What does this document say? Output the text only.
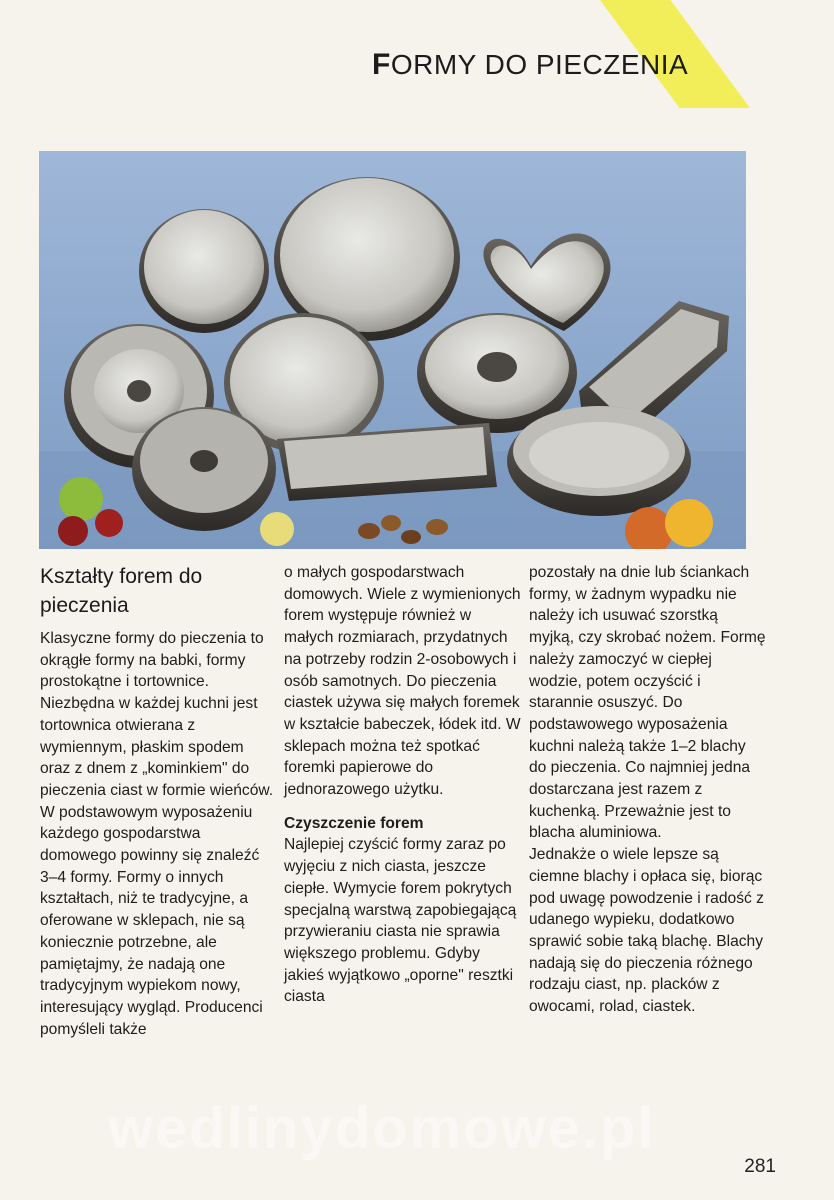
FORMY DO PIECZENIA
Kształty forem do pieczenia

Klasyczne formy do pieczenia to okrągłe formy na babki, formy prostokątne i tortownice. Niezbędna w każdej kuchni jest tortownica otwierana z wymiennym, płaskim spodem oraz z dnem z „kominkiem" do pieczenia ciast w formie wieńców.

W podstawowym wyposażeniu każdego gospodarstwa domowego powinny się znaleźć 3–4 formy. Formy o innych kształtach, niż te tradycyjne, a oferowane w sklepach, nie są koniecznie potrzebne, ale pamiętajmy, że nadają one tradycyjnym wypiekom nowy, interesujący wygląd. Producenci pomyśleli także

o małych gospodarstwach domowych. Wiele z wymienionych forem występuje również w małych rozmiarach, przydatnych na potrzeby rodzin 2-osobowych i osób samotnych. Do pieczenia ciastek używa się małych foremek w kształcie babeczek, łódek itd. W sklepach można też spotkać foremki papierowe do jednorazowego użytku.

Czyszczenie forem

Najlepiej czyścić formy zaraz po wyjęciu z nich ciasta, jeszcze ciepłe. Wymycie forem pokrytych specjalną warstwą zapobiegającą przywieraniu ciasta nie sprawia większego problemu. Gdyby jakieś wyjątkowo „oporne" resztki ciasta

pozostały na dnie lub ściankach formy, w żadnym wypadku nie należy ich usuwać szorstką myjką, czy skrobać nożem. Formę należy zamoczyć w ciepłej wodzie, potem oczyścić i starannie osuszyć. Do podstawowego wyposażenia kuchni należą także 1–2 blachy do pieczenia. Co najmniej jedna dostarczana jest razem z kuchenką. Przeważnie jest to blacha aluminiowa.

Jednakże o wiele lepsze są ciemne blachy i opłaca się, biorąc pod uwagę powodzenie i radość z udanego wypieku, dodatkowo sprawić sobie taką blachę. Blachy nadają się do pieczenia różnego rodzaju ciast, np. placków z owocami, rolad, ciastek.

wedlinydomowe.pl
281
